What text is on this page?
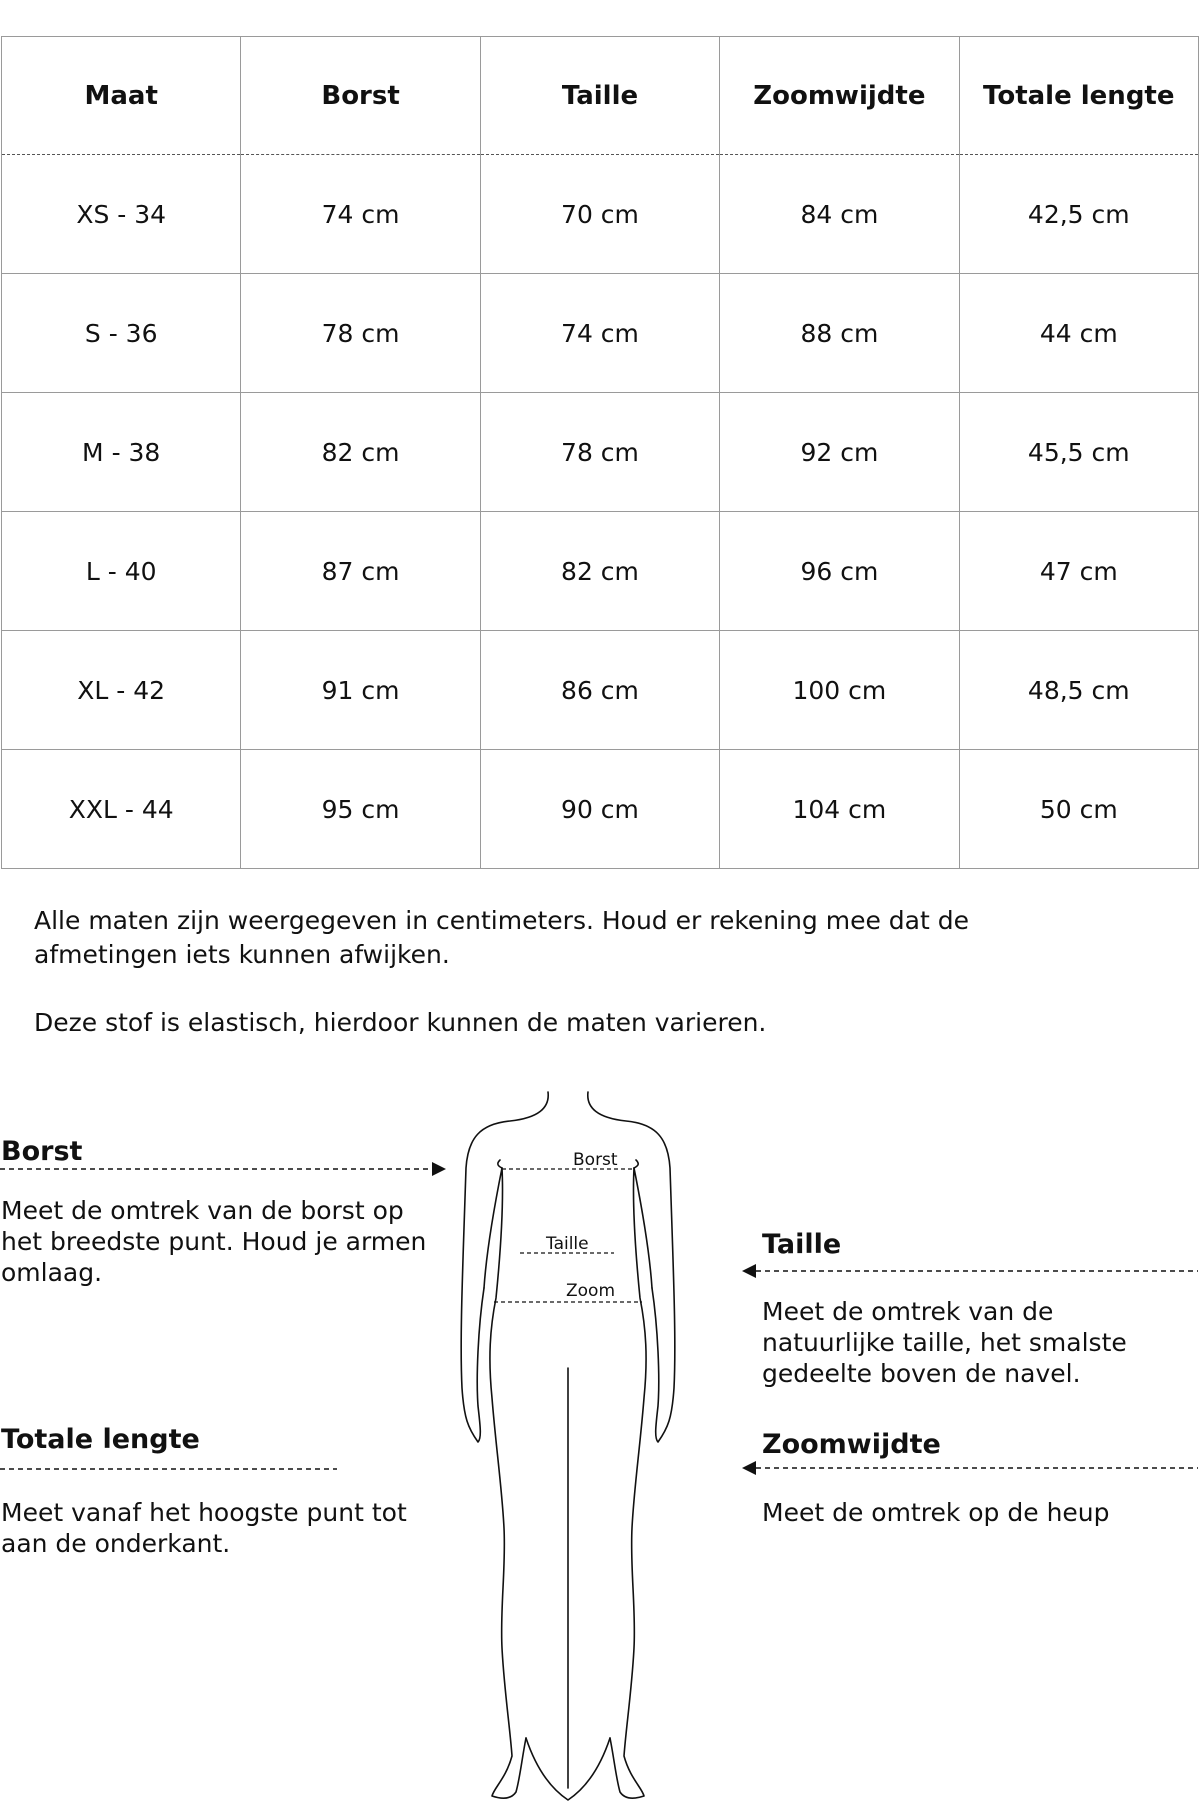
Maat	Borst	Taille	Zoomwijdte	Totale lengte
XS - 34	74 cm	70 cm	84 cm	42,5 cm
S - 36	78 cm	74 cm	88 cm	44 cm
M - 38	82 cm	78 cm	92 cm	45,5 cm
L - 40	87 cm	82 cm	96 cm	47 cm
XL - 42	91 cm	86 cm	100 cm	48,5 cm
XXL - 44	95 cm	90 cm	104 cm	50 cm

Alle maten zijn weergegeven in centimeters. Houd er rekening mee dat de afmetingen iets kunnen afwijken.

Deze stof is elastisch, hierdoor kunnen de maten varieren.

Borst

Meet de omtrek van de borst op het breedste punt. Houd je armen omlaag.

Totale lengte

Meet vanaf het hoogste punt tot aan de onderkant.

Taille

Meet de omtrek van de natuurlijke taille, het smalste gedeelte boven de navel.

Zoomwijdte

Meet de omtrek op de heup

Borst

Taille

Zoom
